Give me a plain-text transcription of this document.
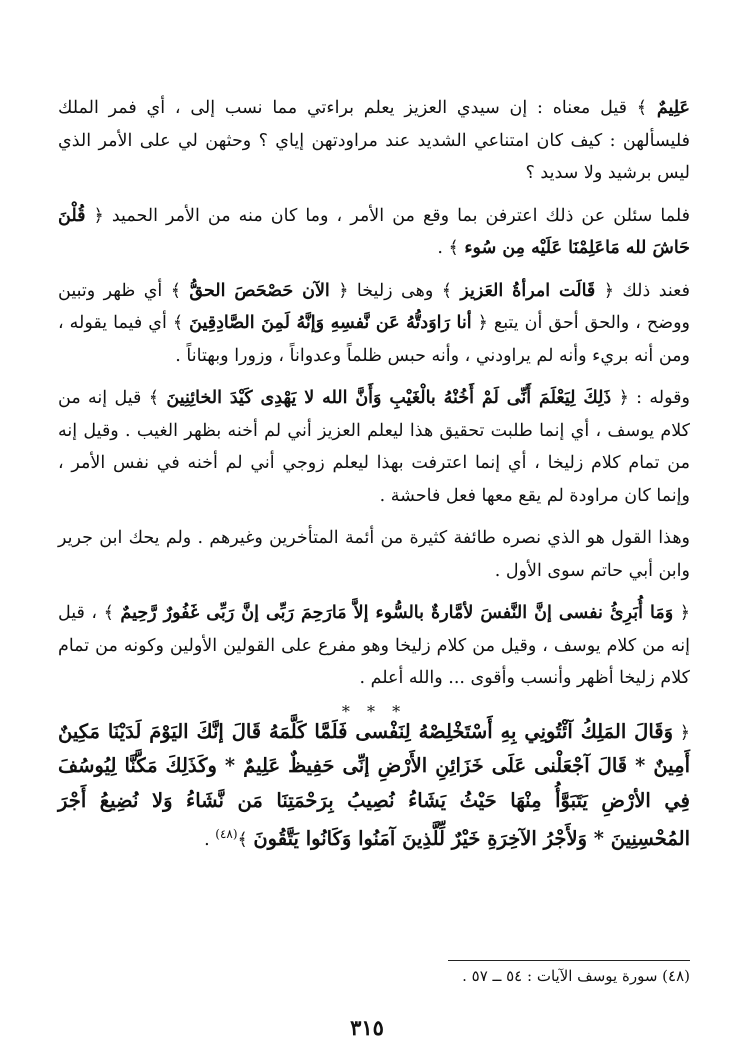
عَلِيمٌ ﴾ قيل معناه : إن سيدي العزيز يعلم براءتي مما نسب إلى ، أي فمر الملك فليسألهن : كيف كان امتناعي الشديد عند مراودتهن إياي ؟ وحثهن لي على الأمر الذي ليس برشيد ولا سديد ؟

فلما سئلن عن ذلك اعترفن بما وقع من الأمر ، وما كان منه من الأمر الحميد ﴿ قُلْنَ حَاشَ لله مَاعَلِمْنَا عَلَيْه مِن سُوء ﴾ .

فعند ذلك ﴿ قَالَت امرأةُ العَزيز ﴾ وهى زليخا ﴿ الآن حَصْحَصَ الحقُّ ﴾ أي ظهر وتبين ووضح ، والحق أحق أن يتبع ﴿ أنا رَاوَدتُّهُ عَن نَّفسِهِ وَإنَّهُ لَمِنَ الصَّادِقِينَ ﴾ أي فيما يقوله ، ومن أنه بريء وأنه لم يراودني ، وأنه حبس ظلماً وعدواناً ، وزورا وبهتاناً .

وقوله : ﴿ ذَلِكَ لِيَعْلَمَ أَنِّى لَمْ أَخُنْهُ بالْغَيْبِ وَأَنَّ الله لا يَهْدِى كَيْدَ الخائِنِينَ ﴾ قيل إنه من كلام يوسف ، أي إنما طلبت تحقيق هذا ليعلم العزيز أني لم أخنه بظهر الغيب . وقيل إنه من تمام كلام زليخا ، أي إنما اعترفت بهذا ليعلم زوجي أني لم أخنه في نفس الأمر ، وإنما كان مراودة لم يقع معها فعل فاحشة .

وهذا القول هو الذي نصره طائفة كثيرة من أئمة المتأخرين وغيرهم . ولم يحك ابن جرير وابن أبي حاتم سوى الأول .

﴿ وَمَا أُبَرِئُ نفسى إنَّ النَّفسَ لأمَّارةٌ بالسُّوء إلاَّ مَارَحِمَ رَبِّى إنَّ رَبِّى غَفُورٌ رَّحِيمٌ ﴾ ، قيل إنه من كلام يوسف ، وقيل من كلام زليخا وهو مفرع على القولين الأولين وكونه من تمام كلام زليخا أظهر وأنسب وأقوى ... والله أعلم .

* * *

﴿ وَقَالَ المَلِكُ آئْتُونِي بِهِ أَسْتَخْلِصْهُ لِنَفْسى فَلَمَّا كَلَّمَهُ قَالَ إنَّكَ اليَوْمَ لَدَيْنَا مَكِينٌ أَمِينٌ * قَالَ آجْعَلْنى عَلَى خَزَائِنِ الأَرْضِ إنِّى حَفِيظٌ عَلِيمٌ * وكَذَلِكَ مَكَّنَّا لِيُوسُفَ فِي الأرْضِ يَتَبَوَّأُ مِنْهَا حَيْثُ يَشَاءُ نُصِيبُ بِرَحْمَتِنَا مَن نَّشَاءُ وَلا نُضِيعُ أَجْرَ المُحْسِنِينَ * وَلأَجْرُ الآخِرَةِ خَيْرٌ لِّلَّذِينَ آمَنُوا وَكَانُوا يَتَّقُونَ ﴾$^{(٤٨)}$ .

(٤٨) سورة يوسف الآيات : ٥٤ ــ ٥٧ .
٣١٥
